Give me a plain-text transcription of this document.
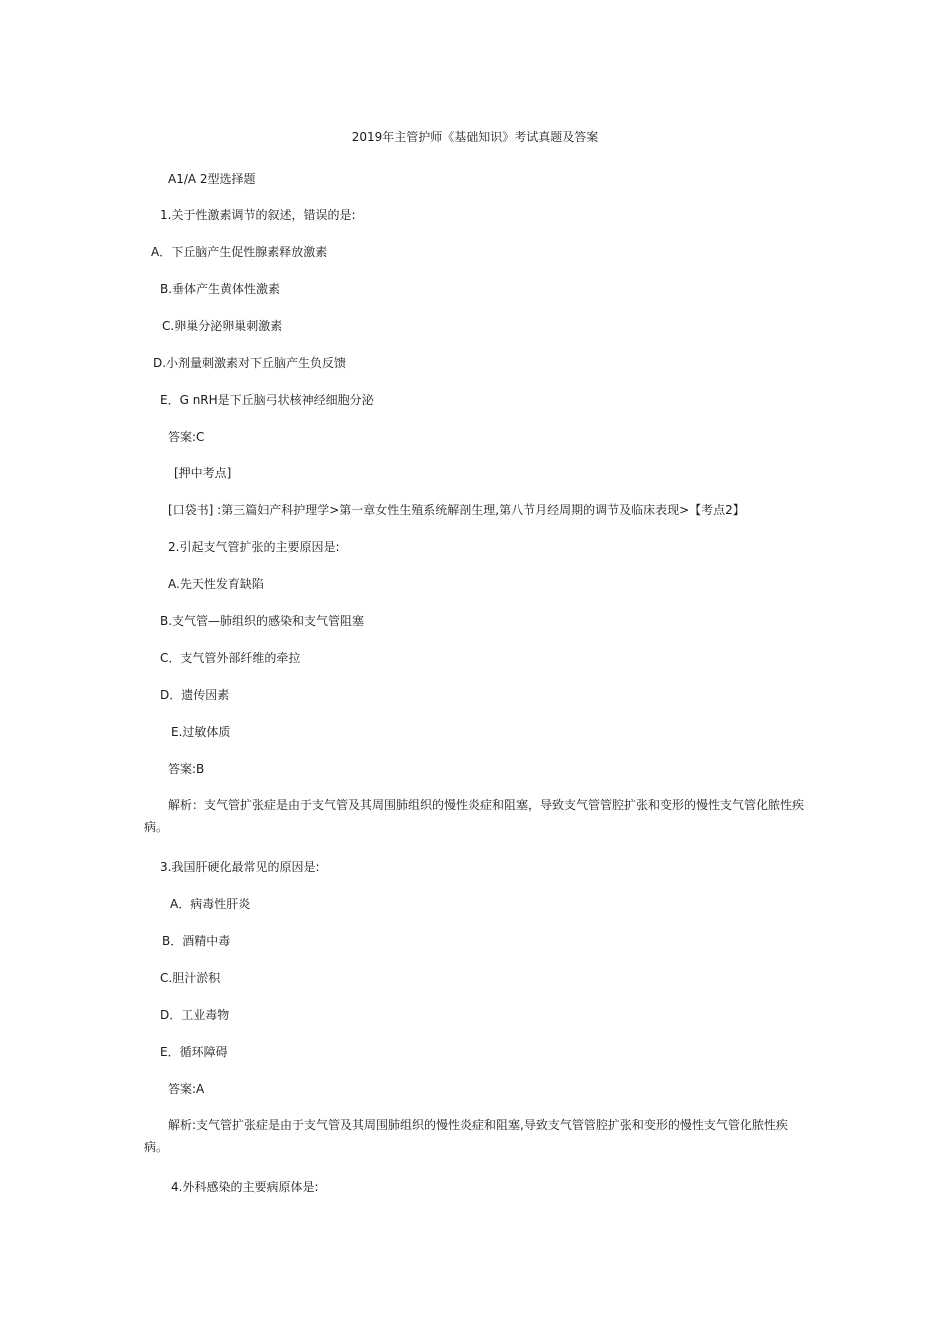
2019年主管护师《基础知识》考试真题及答案
A1/A 2型选择题
1.关于性激素调节的叙述，错误的是:
A．下丘脑产生促性腺素释放激素
B.垂体产生黄体性激素
C.卵巢分泌卵巢刺激素
D.小剂量刺激素对下丘脑产生负反馈
E．G nRH是下丘脑弓状核神经细胞分泌
答案:C
[押中考点]
[口袋书] :第三篇妇产科护理学>第一章女性生殖系统解剖生理,第八节月经周期的调节及临床表现>【考点2】
2.引起支气管扩张的主要原因是:
A.先天性发育缺陷
B.支气管—肺组织的感染和支气管阻塞
C．支气管外部纤维的牵拉
D．遗传因素
E.过敏体质
答案:B
解析：支气管扩张症是由于支气管及其周围肺组织的慢性炎症和阻塞，导致支气管管腔扩张和变形的慢性支气管化脓性疾病。
3.我国肝硬化最常见的原因是:
A．病毒性肝炎
B．酒精中毒
C.胆汁淤积
D．工业毒物
E．循环障碍
答案:A
解析:支气管扩张症是由于支气管及其周围肺组织的慢性炎症和阻塞,导致支气管管腔扩张和变形的慢性支气管化脓性疾病。
4.外科感染的主要病原体是:
